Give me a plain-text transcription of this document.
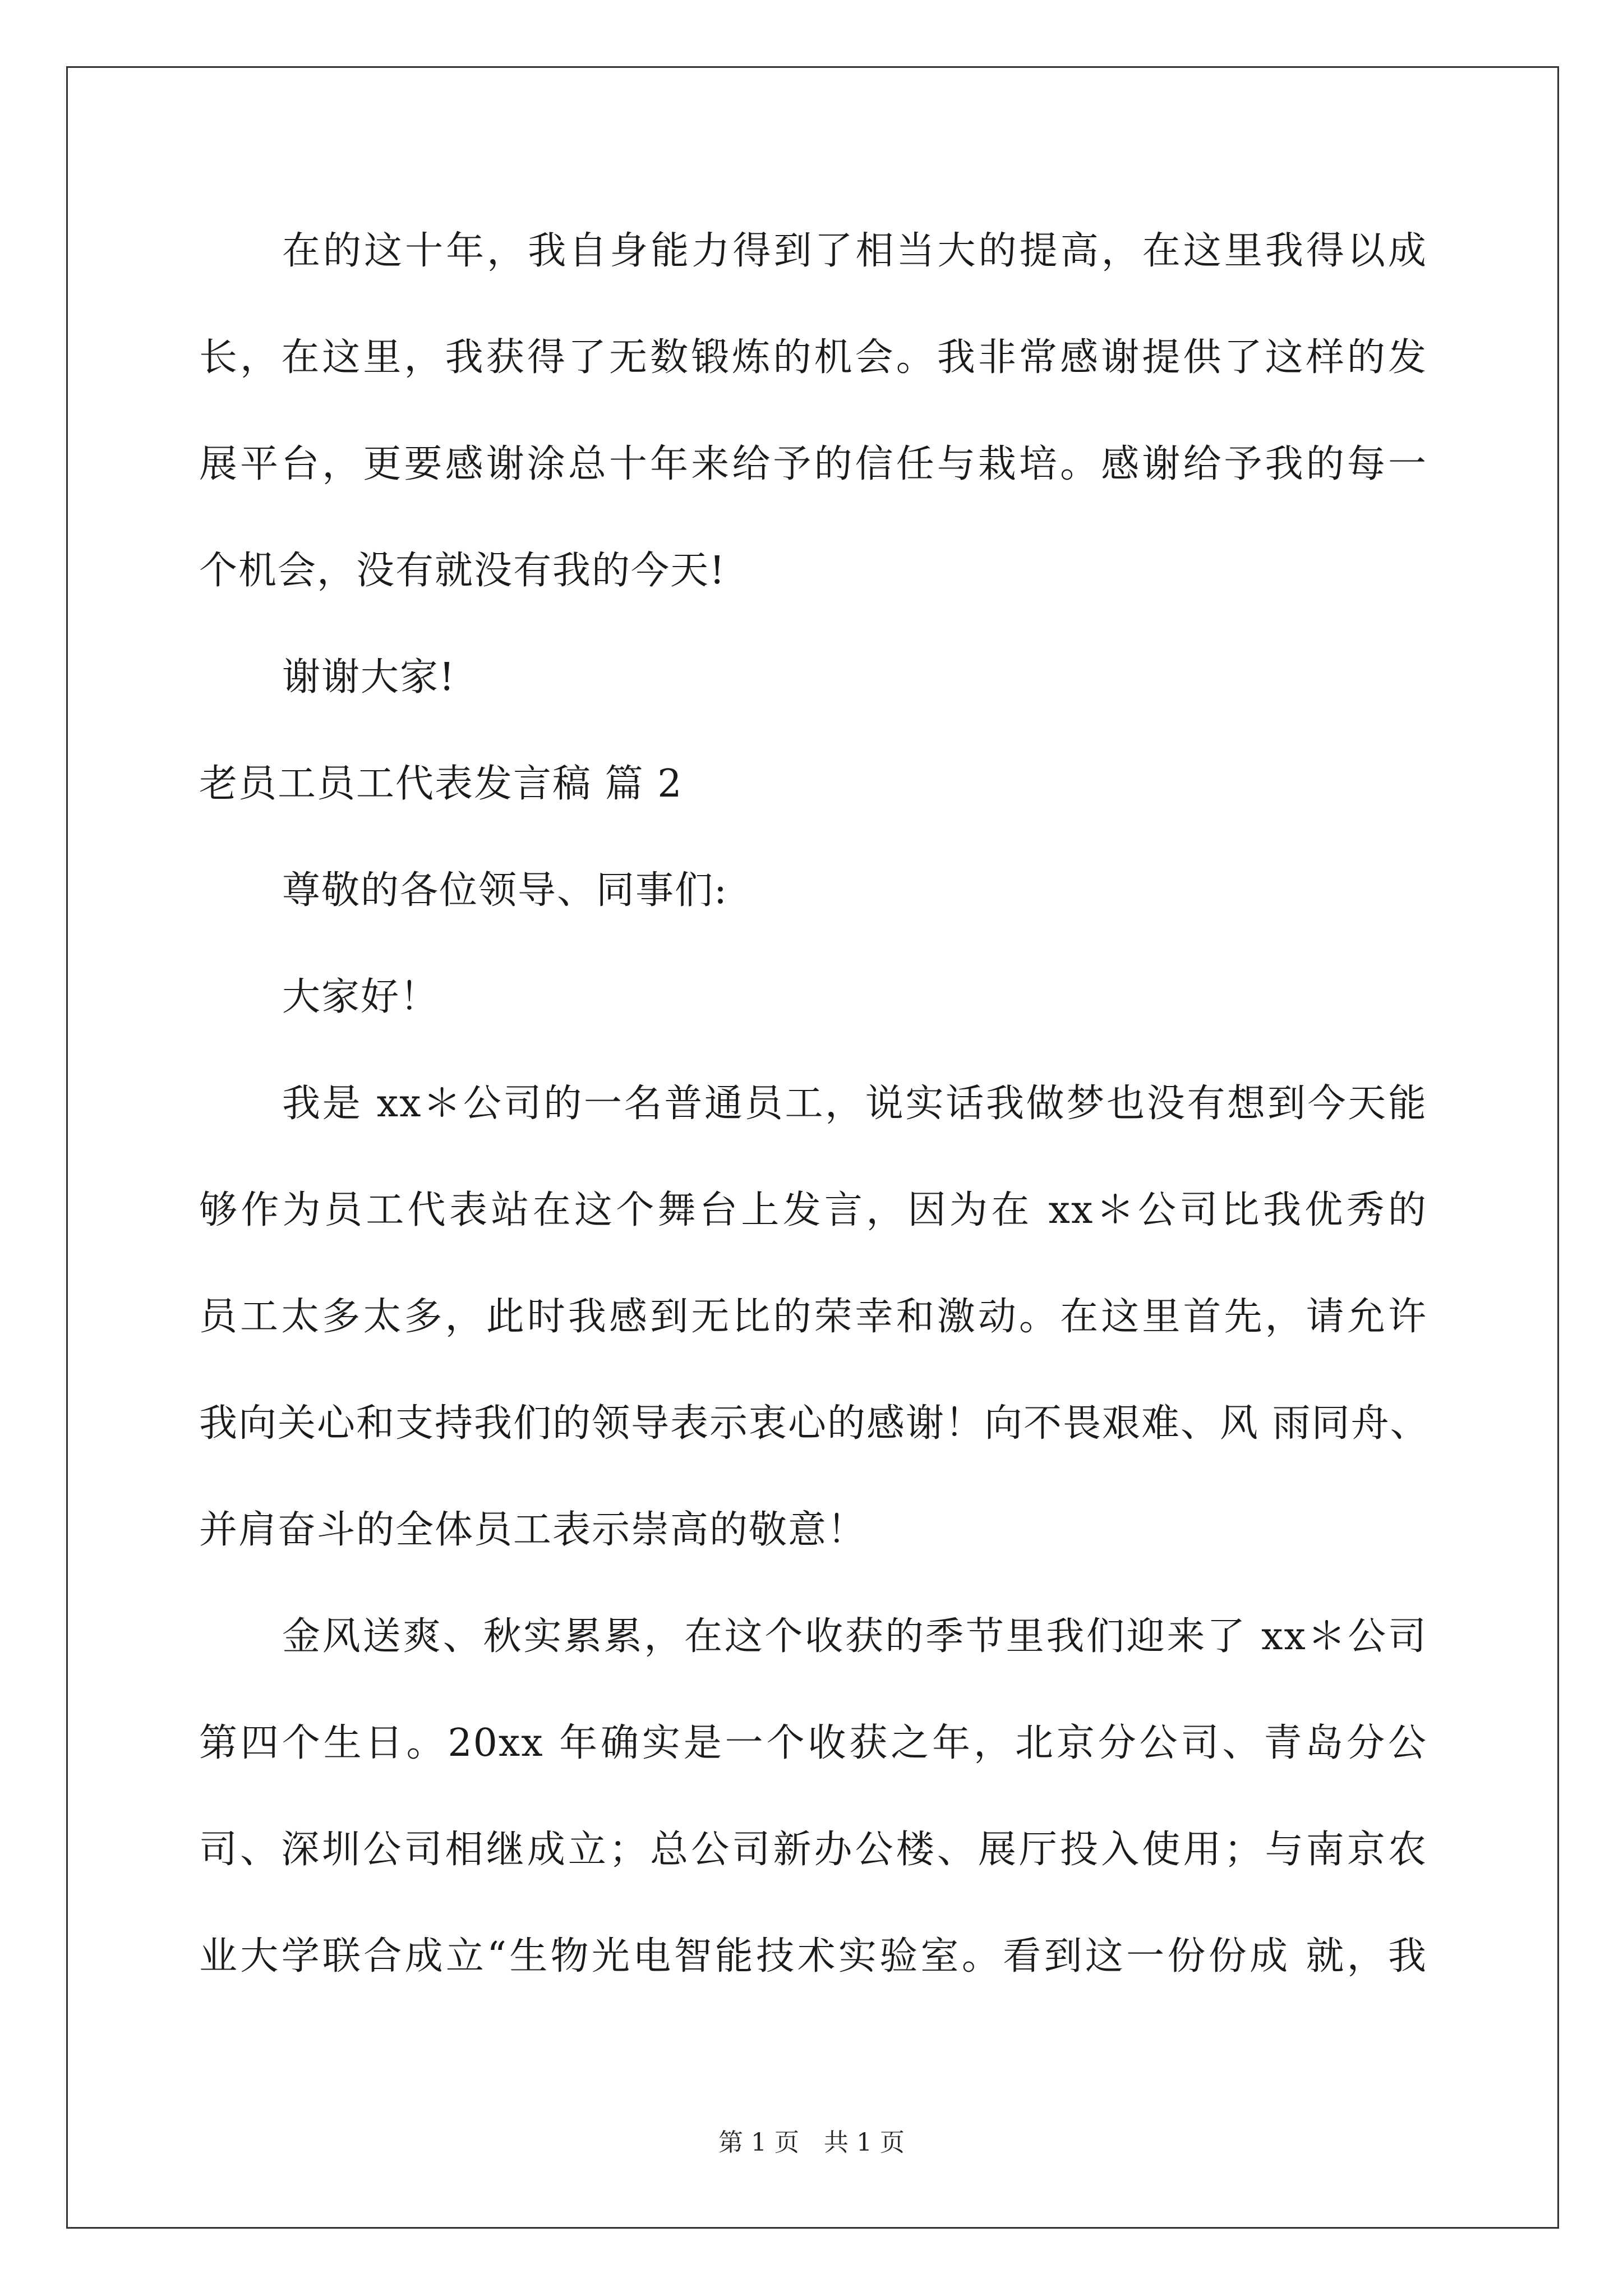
在的这十年，我自身能力得到了相当大的提高，在这里我得以成
长，在这里，我获得了无数锻炼的机会。我非常感谢提供了这样的发
展平台，更要感谢涂总十年来给予的信任与栽培。感谢给予我的每一
个机会，没有就没有我的今天!
谢谢大家!
老员工员工代表发言稿 篇 2
尊敬的各位领导、同事们:
大家好！
我是 xx＊公司的一名普通员工，说实话我做梦也没有想到今天能
够作为员工代表站在这个舞台上发言，因为在 xx＊公司比我优秀的
员工太多太多，此时我感到无比的荣幸和激动。在这里首先，请允许
我向关心和支持我们的领导表示衷心的感谢！向不畏艰难、风 雨同舟、
并肩奋斗的全体员工表示崇高的敬意！
金风送爽、秋实累累，在这个收获的季节里我们迎来了 xx＊公司
第四个生日。20xx 年确实是一个收获之年，北京分公司、青岛分公
司、深圳公司相继成立；总公司新办公楼、展厅投入使用；与南京农
业大学联合成立“生物光电智能技术实验室。看到这一份份成 就，我
第 1 页　共 1 页
